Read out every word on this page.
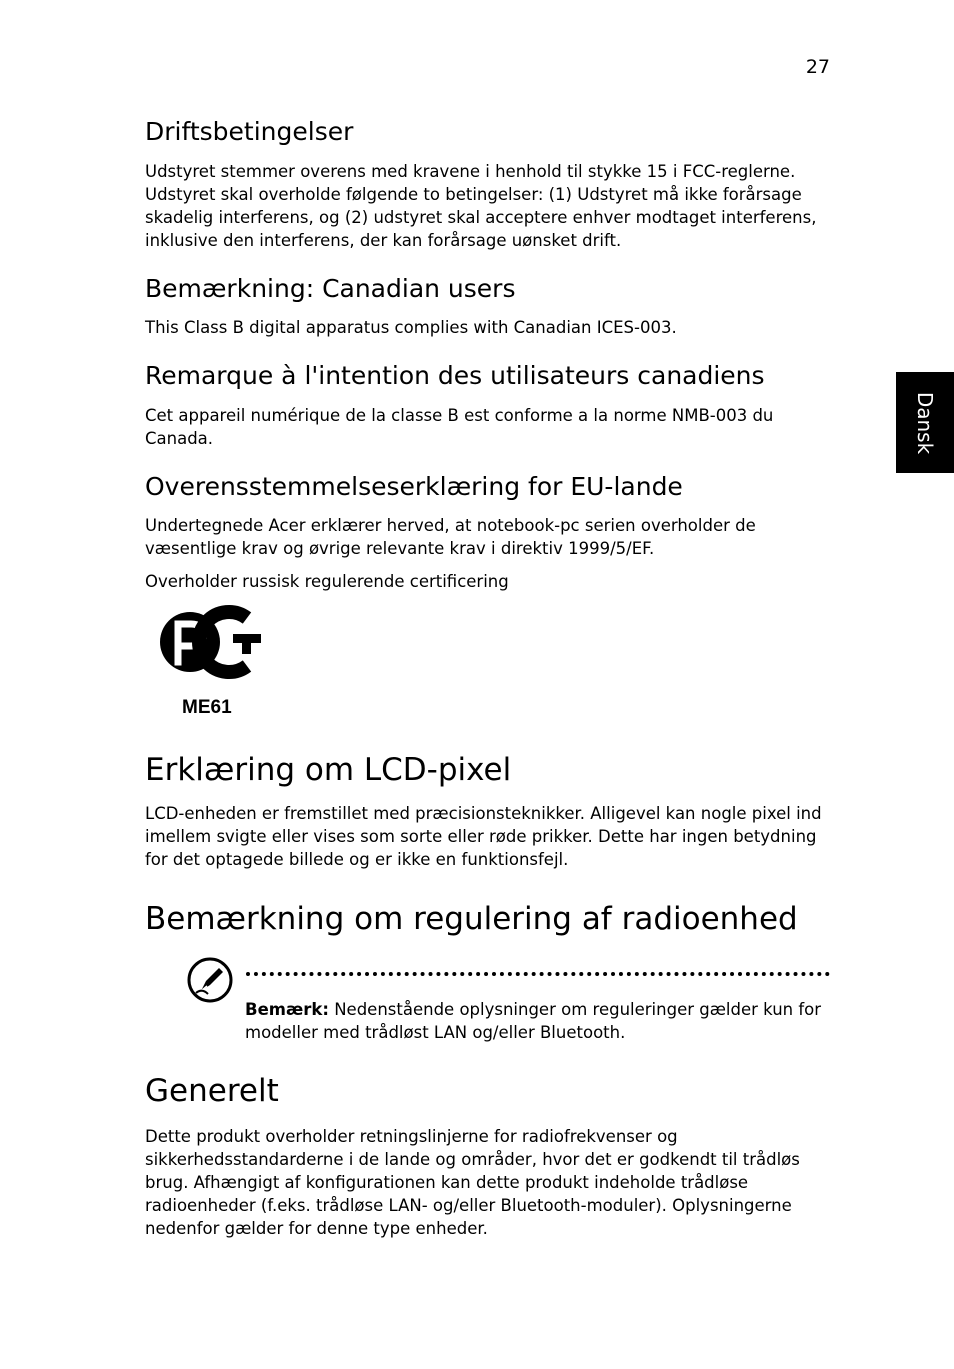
27
Dansk
Driftsbetingelser
Udstyret stemmer overens med kravene i henhold til stykke 15 i FCC-reglerne. Udstyret skal overholde følgende to betingelser: (1) Udstyret må ikke forårsage skadelig interferens, og (2) udstyret skal acceptere enhver modtaget interferens, inklusive den interferens, der kan forårsage uønsket drift.
Bemærkning: Canadian users
This Class B digital apparatus complies with Canadian ICES-003.
Remarque à l'intention des utilisateurs canadiens
Cet appareil numérique de la classe B est conforme a la norme NMB-003 du Canada.
Overensstemmelseserklæring for EU-lande
Undertegnede Acer erklærer herved, at notebook-pc serien overholder de væsentlige krav og øvrige relevante krav i direktiv 1999/5/EF.
Overholder russisk regulerende certificering
ME61
Erklæring om LCD-pixel
LCD-enheden er fremstillet med præcisionsteknikker. Alligevel kan nogle pixel ind imellem svigte eller vises som sorte eller røde prikker. Dette har ingen betydning for det optagede billede og er ikke en funktionsfejl.
Bemærkning om regulering af radioenhed
Bemærk: Nedenstående oplysninger om reguleringer gælder kun for modeller med trådløst LAN og/eller Bluetooth.
Generelt
Dette produkt overholder retningslinjerne for radiofrekvenser og sikkerhedsstandarderne i de lande og områder, hvor det er godkendt til trådløs brug. Afhængigt af konfigurationen kan dette produkt indeholde trådløse radioenheder (f.eks. trådløse LAN- og/eller Bluetooth-moduler). Oplysningerne nedenfor gælder for denne type enheder.
